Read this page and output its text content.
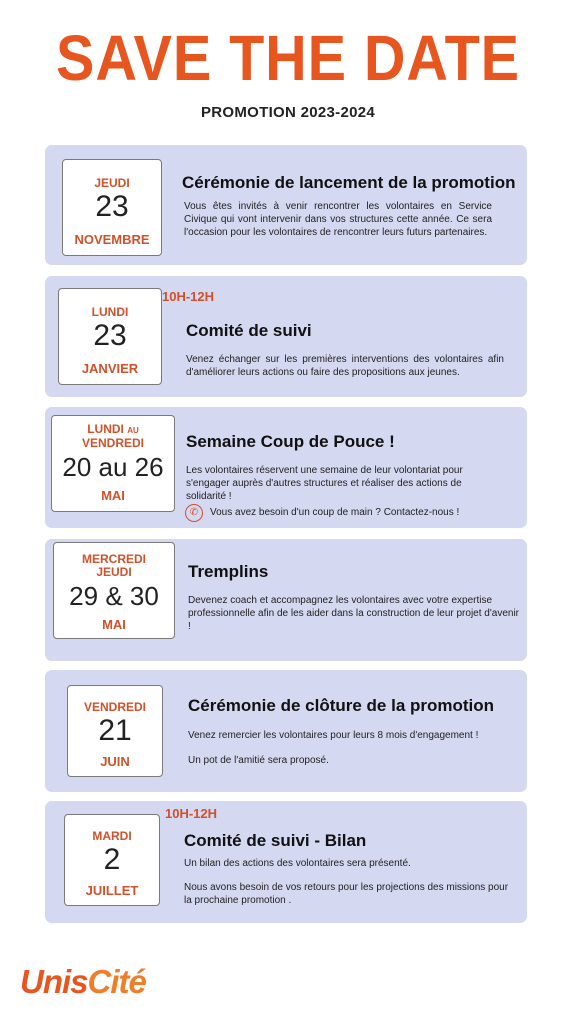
SAVE THE DATE
PROMOTION 2023-2024
JEUDI
23
NOVEMBRE
Cérémonie de lancement de la promotion
Vous êtes invités à venir rencontrer les volontaires en Service Civique qui vont intervenir dans vos structures cette année. Ce sera l'occasion pour les volontaires de rencontrer leurs futurs partenaires.
10H-12H
LUNDI
23
JANVIER
Comité de suivi
Venez échanger sur les premières interventions des volontaires afin d'améliorer leurs actions ou faire des propositions aux jeunes.
LUNDI AU
VENDREDI
20 au 26
MAI
Semaine Coup de Pouce !
Les volontaires réservent une semaine de leur volontariat pour s'engager auprès d'autres structures et réaliser des actions de solidarité !
✆	Vous avez besoin d'un coup de main ? Contactez-nous !
MERCREDI
JEUDI
29 & 30
MAI
Tremplins
Devenez coach et accompagnez les volontaires avec votre expertise professionnelle afin de les aider dans la construction de leur projet d'avenir !
VENDREDI
21
JUIN
Cérémonie de clôture de la promotion
Venez remercier les volontaires pour leurs 8 mois d'engagement !
Un pot de l'amitié sera proposé.
10H-12H
MARDI
2
JUILLET
Comité de suivi - Bilan
Un bilan des actions des volontaires sera présenté.
Nous avons besoin de vos retours pour les projections des missions pour la prochaine promotion .
UnisCité
